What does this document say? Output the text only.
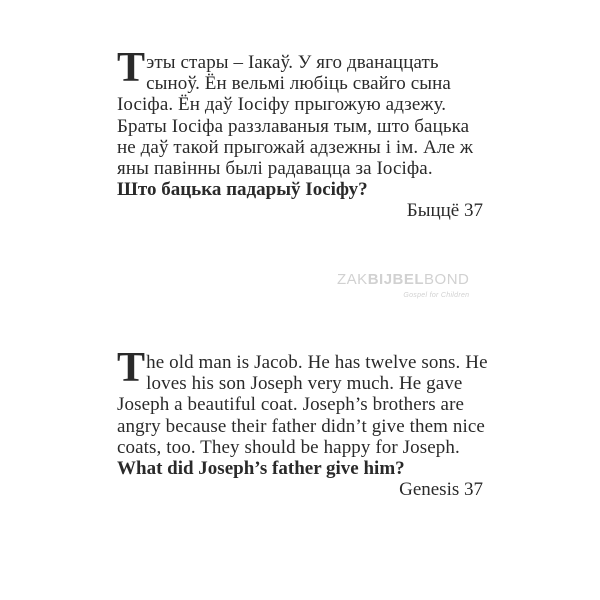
Тэты стары – Іакаў. У яго дванаццать сыноў. Ён вельмі любіць свайго сына Іосіфа. Ён даў Іосіфу прыгожую адзежу. Браты Іосіфа раззлаваныя тым, што бацька не даў такой прыгожай адзежны і ім. Але ж яны павінны былі радавацца за Іосіфа.

Што бацька падарыў Іосіфу?

Быццё 37

ZAKBIJBELBOND
Gospel for Children

The old man is Jacob. He has twelve sons. He loves his son Joseph very much. He gave Joseph a beautiful coat. Joseph’s brothers are angry because their father didn’t give them nice coats, too. They should be happy for Joseph.

What did Joseph’s father give him?

Genesis 37
